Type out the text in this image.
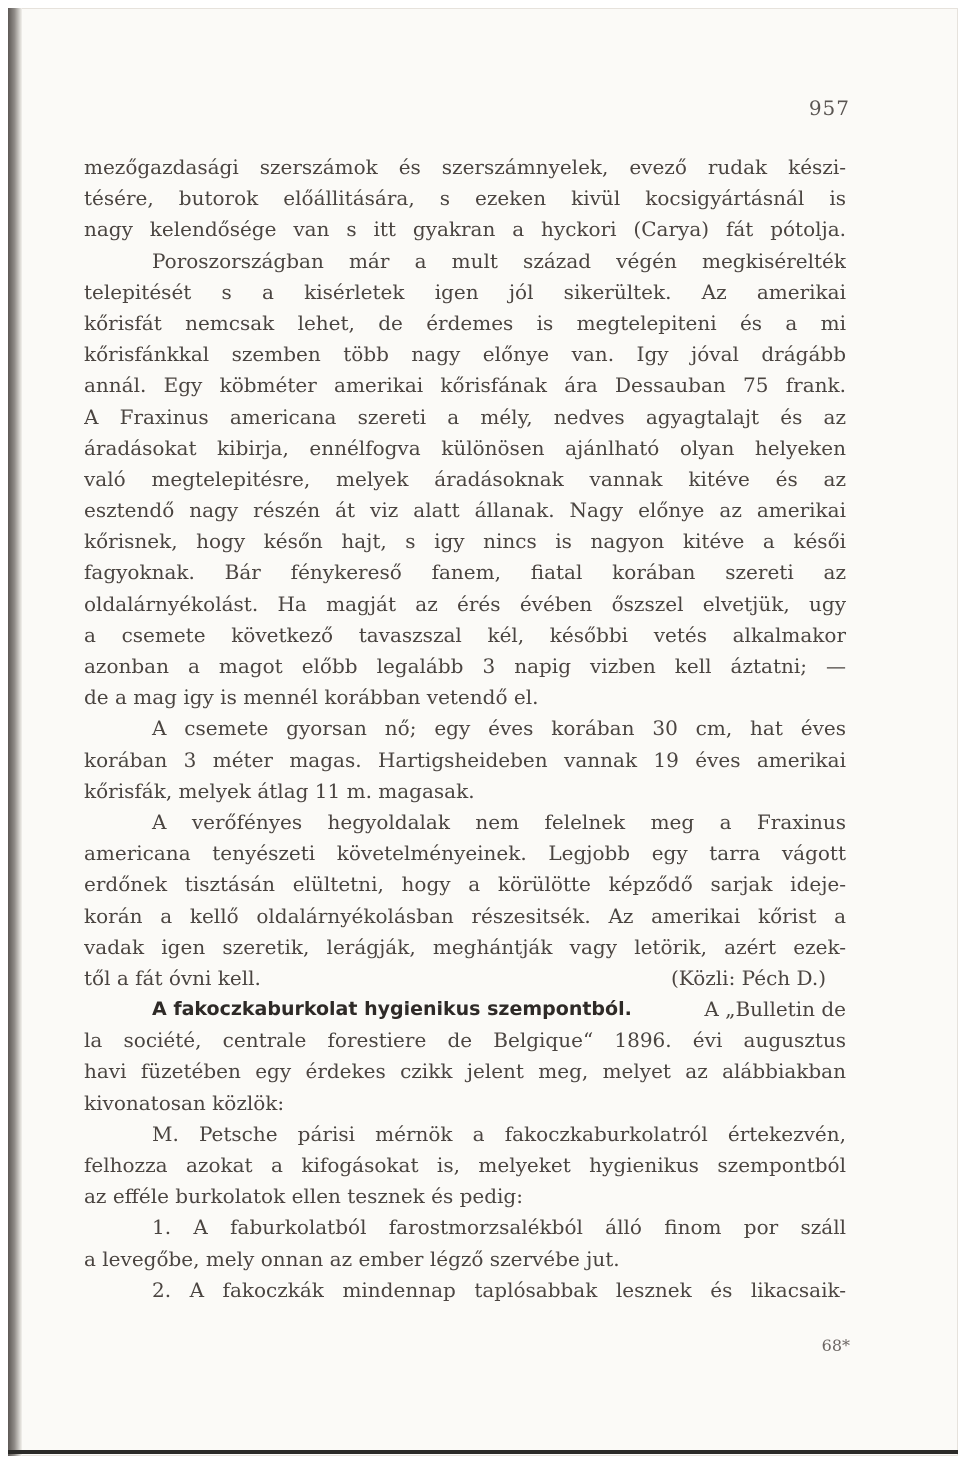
957
mezőgazdasági szerszámok és szerszámnyelek, evező rudak készi-
tésére, butorok előállitására, s ezeken kivül kocsigyártásnál is
nagy kelendősége van s itt gyakran a hyckori (Carya) fát pótolja.
Poroszországban már a mult század végén megkisérelték
telepitését s a kisérletek igen jól sikerültek. Az amerikai
kőrisfát nemcsak lehet, de érdemes is megtelepiteni és a mi
kőrisfánkkal szemben több nagy előnye van. Igy jóval drágább
annál. Egy köbméter amerikai kőrisfának ára Dessauban 75 frank.
A Fraxinus americana szereti a mély, nedves agyagtalajt és az
áradásokat kibirja, ennélfogva különösen ajánlható olyan helyeken
való megtelepitésre, melyek áradásoknak vannak kitéve és az
esztendő nagy részén át viz alatt állanak. Nagy előnye az amerikai
kőrisnek, hogy későn hajt, s igy nincs is nagyon kitéve a késői
fagyoknak. Bár fénykereső fanem, fiatal korában szereti az
oldalárnyékolást. Ha magját az érés évében őszszel elvetjük, ugy
a csemete következő tavaszszal kél, későbbi vetés alkalmakor
azonban a magot előbb legalább 3 napig vizben kell áztatni; —
de a mag igy is mennél korábban vetendő el.
A csemete gyorsan nő; egy éves korában 30 cm, hat éves
korában 3 méter magas. Hartigsheideben vannak 19 éves amerikai
kőrisfák, melyek átlag 11 m. magasak.
A verőfényes hegyoldalak nem felelnek meg a Fraxinus
americana tenyészeti követelményeinek. Legjobb egy tarra vágott
erdőnek tisztásán elültetni, hogy a körülötte képződő sarjak ideje-
korán a kellő oldalárnyékolásban részesitsék. Az amerikai kőrist a
vadak igen szeretik, lerágják, meghántják vagy letörik, azért ezek-
től a fát óvni kell.	(Közli: Péch D.)
A fakoczkaburkolat hygienikus szempontból.	A „Bulletin de
la société, centrale forestiere de Belgique“ 1896. évi augusztus
havi füzetében egy érdekes czikk jelent meg, melyet az alábbiakban
kivonatosan közlök:
M. Petsche párisi mérnök a fakoczkaburkolatról értekezvén,
felhozza azokat a kifogásokat is, melyeket hygienikus szempontból
az efféle burkolatok ellen tesznek és pedig:
1. A faburkolatból farostmorzsalékból álló finom por száll
a levegőbe, mely onnan az ember légző szervébe jut.
2. A fakoczkák mindennap taplósabbak lesznek és likacsaik-
68*
